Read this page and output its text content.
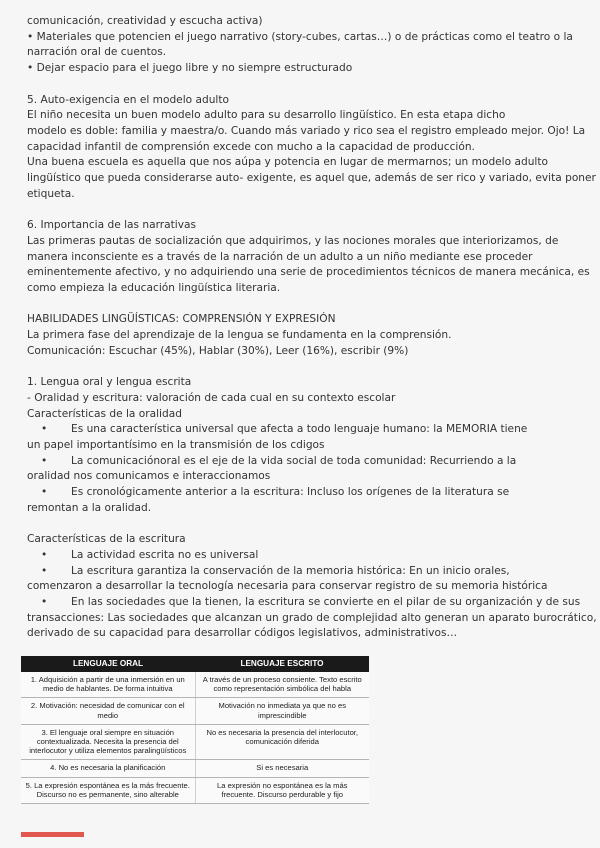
comunicación, creatividad y escucha activa)
• Materiales que potencien el juego narrativo (story-cubes, cartas…) o de prácticas como el teatro o la
narración oral de cuentos.
• Dejar espacio para el juego libre y no siempre estructurado
5. Auto-exigencia en el modelo adulto
El niño necesita un buen modelo adulto para su desarrollo lingüístico. En esta etapa dicho
modelo es doble: familia y maestra/o. Cuando más variado y rico sea el registro empleado mejor. Ojo! La
capacidad infantil de comprensión excede con mucho a la capacidad de producción.
Una buena escuela es aquella que nos aúpa y potencia en lugar de mermarnos; un modelo adulto
lingüístico que pueda considerarse auto- exigente, es aquel que, además de ser rico y variado, evita poner
etiqueta.
6. Importancia de las narrativas
Las primeras pautas de socialización que adquirimos, y las nociones morales que interiorizamos, de
manera inconsciente es a través de la narración de un adulto a un niño mediante ese proceder
eminentemente afectivo, y no adquiriendo una serie de procedimientos técnicos de manera mecánica, es
como empieza la educación lingüística literaria.
HABILIDADES LINGÜÍSTICAS: COMPRENSIÓN Y EXPRESIÓN
La primera fase del aprendizaje de la lengua se fundamenta en la comprensión.
Comunicación: Escuchar (45%), Hablar (30%), Leer (16%), escribir (9%)
1. Lengua oral y lengua escrita
- Oralidad y escritura: valoración de cada cual en su contexto escolar
Características de la oralidad
• Es una característica universal que afecta a todo lenguaje humano: la MEMORIA tiene
un papel importantísimo en la transmisión de los cdigos
• La comunicaciónoral es el eje de la vida social de toda comunidad: Recurriendo a la
oralidad nos comunicamos e interaccionamos
• Es cronológicamente anterior a la escritura: Incluso los orígenes de la literatura se
remontan a la oralidad.
Características de la escritura
• La actividad escrita no es universal
• La escritura garantiza la conservación de la memoria histórica: En un inicio orales,
comenzaron a desarrollar la tecnología necesaria para conservar registro de su memoria histórica
• En las sociedades que la tienen, la escritura se convierte en el pilar de su organización y de sus
transacciones: Las sociedades que alcanzan un grado de complejidad alto generan un aparato burocrático,
derivado de su capacidad para desarrollar códigos legislativos, administrativos…
LENGUAJE ORAL	LENGUAJE ESCRITO
1. Adquisición a partir de una inmersión en un medio de hablantes. De forma intuitiva	A través de un proceso consiente. Texto escrito como representación simbólica del habla
2. Motivación: necesidad de comunicar con el medio	Motivación no inmediata ya que no es imprescindible
3. El lenguaje oral siempre en situación contextualizada. Necesita la presencia del interlocutor y utiliza elementos paralingüísticos	No es necesaria la presencia del interlocutor, comunicación diferida
4. No es necesaria la planificación	Si es necesaria
5. La expresión espontánea es la más frecuente. Discurso no es permanente, sino alterable	La expresión no espontánea es la más frecuente. Discurso perdurable y fijo
